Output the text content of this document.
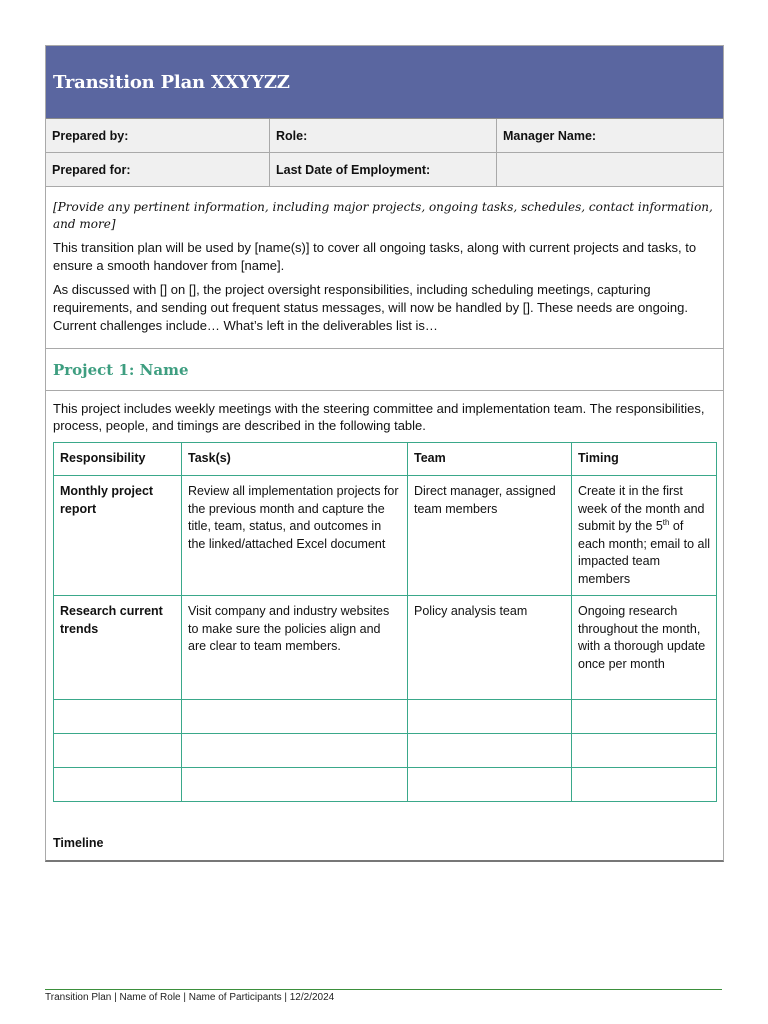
Transition Plan XXYYZZ
Prepared by:	Role:	Manager Name:
Prepared for:	Last Date of Employment:

[Provide any pertinent information, including major projects, ongoing tasks, schedules, contact information, and more]

This transition plan will be used by [name(s)] to cover all ongoing tasks, along with current projects and tasks, to ensure a smooth handover from [name].

As discussed with [] on [], the project oversight responsibilities, including scheduling meetings, capturing requirements, and sending out frequent status messages, will now be handled by []. These needs are ongoing. Current challenges include… What’s left in the deliverables list is…

Project 1: Name

This project includes weekly meetings with the steering committee and implementation team. The responsibilities, process, people, and timings are described in the following table.

Responsibility	Task(s)	Team	Timing
Monthly project report	Review all implementation projects for the previous month and capture the title, team, status, and outcomes in the linked/attached Excel document	Direct manager, assigned team members	Create it in the first week of the month and submit by the 5th of each month; email to all impacted team members
Research current trends	Visit company and industry websites to make sure the policies align and are clear to team members.	Policy analysis team	Ongoing research throughout the month, with a thorough update once per month

Timeline
Transition Plan | Name of Role | Name of Participants | 12/2/2024
